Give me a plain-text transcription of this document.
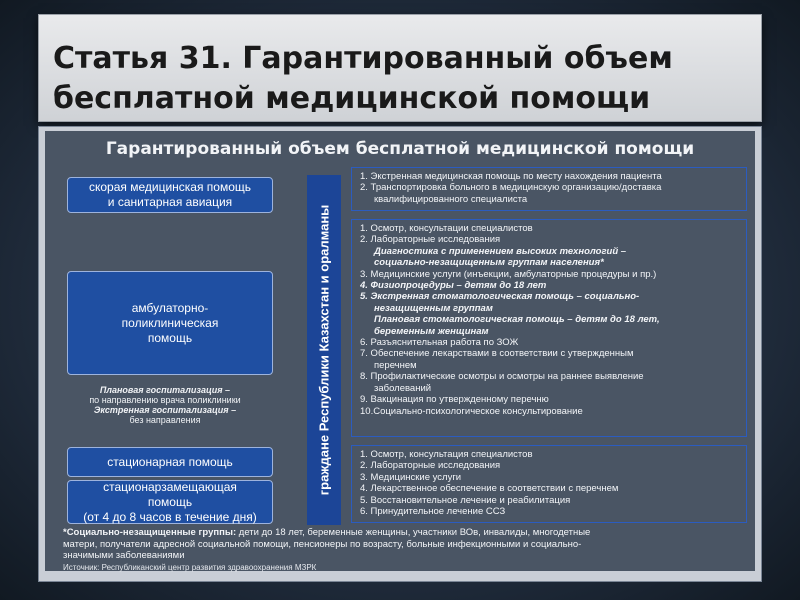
Статья 31. Гарантированный объем
бесплатной медицинской помощи
Гарантированный объем бесплатной медицинской помощи
скорая медицинская помощь
и санитарная авиация
амбулаторно-
поликлиническая
помощь
Плановая госпитализация –
по направлению врача поликлиники
Экстренная госпитализация –
без направления
стационарная помощь
стационарзамещающая
помощь
(от 4 до 8 часов в течение дня)
граждане Республики Казахстан и оралманы
1. Экстренная медицинская помощь по месту нахождения пациента
2. Транспортировка больного в медицинскую организацию/доставка
квалифицированного специалиста
1. Осмотр, консультации специалистов
2. Лабораторные исследования
Диагностика с применением высоких технологий –
социально-незащищенным группам населения*
3. Медицинские услуги (инъекции, амбулаторные процедуры и пр.)
4. Физиопроцедуры – детям до 18 лет
5. Экстренная стоматологическая помощь – социально-
незащищенным группам
Плановая стоматологическая помощь – детям до 18 лет,
беременным женщинам
6. Разъяснительная работа по ЗОЖ
7. Обеспечение лекарствами в соответствии с утвержденным
перечнем
8. Профилактические осмотры и осмотры на раннее выявление
заболеваний
9. Вакцинация по утвержденному перечню
10.Социально-психологическое консультирование
1. Осмотр, консультация специалистов
2. Лабораторные исследования
3. Медицинские услуги
4. Лекарственное обеспечение в соответствии с перечнем
5. Восстановительное лечение и реабилитация
6. Принудительное лечение ССЗ
*Социально-незащищенные группы: дети до 18 лет, беременные женщины, участники ВОв, инвалиды, многодетные
матери, получатели адресной социальной помощи, пенсионеры по возрасту, больные инфекционными и социально-
значимыми заболеваниями
Источник: Республиканский центр развития здравоохранения МЗРК
